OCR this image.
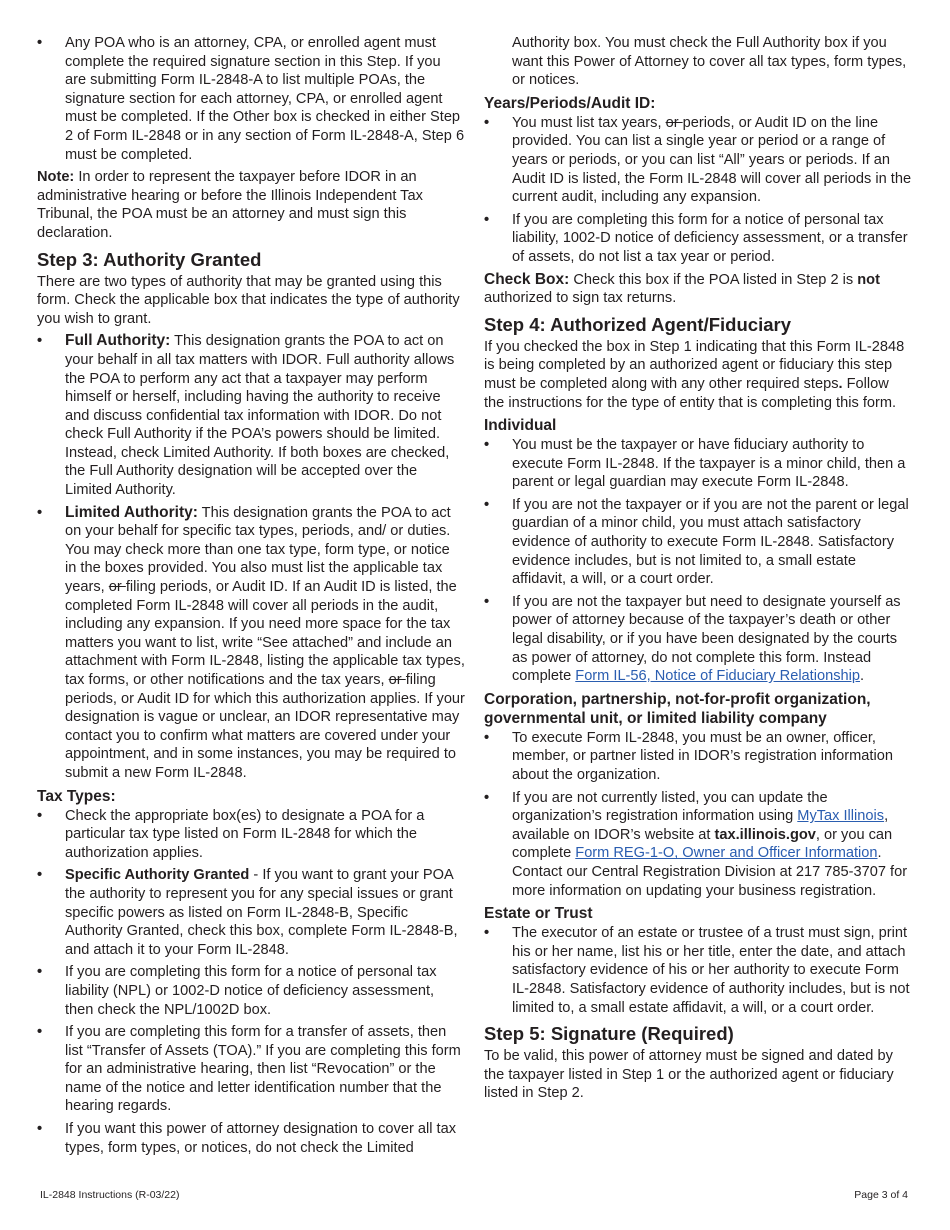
• Any POA who is an attorney, CPA, or enrolled agent must complete the required signature section in this Step. If you are submitting Form IL-2848-A to list multiple POAs, the signature section for each attorney, CPA, or enrolled agent must be completed. If the Other box is checked in either Step 2 of Form IL-2848 or in any section of Form IL-2848-A, Step 6 must be completed.

Note: In order to represent the taxpayer before IDOR in an administrative hearing or before the Illinois Independent Tax Tribunal, the POA must be an attorney and must sign this declaration.

Step 3: Authority Granted

There are two types of authority that may be granted using this form. Check the applicable box that indicates the type of authority you wish to grant.

• Full Authority: This designation grants the POA to act on your behalf in all tax matters with IDOR. Full authority allows the POA to perform any act that a taxpayer may perform himself or herself, including having the authority to receive and discuss confidential tax information with IDOR. Do not check Full Authority if the POA’s powers should be limited. Instead, check Limited Authority. If both boxes are checked, the Full Authority designation will be accepted over the Limited Authority.
• Limited Authority: This designation grants the POA to act on your behalf for specific tax types, periods, and/ or duties. You may check more than one tax type, form type, or notice in the boxes provided. You also must list the applicable tax years, or filing periods, or Audit ID. If an Audit ID is listed, the completed Form IL-2848 will cover all periods in the audit, including any expansion. If you need more space for the tax matters you want to list, write “See attached” and include an attachment with Form IL-2848, listing the applicable tax types, tax forms, or other notifications and the tax years, or filing periods, or Audit ID for which this authorization applies. If your designation is vague or unclear, an IDOR representative may contact you to confirm what matters are covered under your appointment, and in some instances, you may be required to submit a new Form IL-2848.
Tax Types:
• Check the appropriate box(es) to designate a POA for a particular tax type listed on Form IL-2848 for which the authorization applies.
• Specific Authority Granted - If you want to grant your POA the authority to represent you for any special issues or grant specific powers as listed on Form IL-2848-B, Specific Authority Granted, check this box, complete Form IL-2848-B, and attach it to your Form IL-2848.
• If you are completing this form for a notice of personal tax liability (NPL) or 1002-D notice of deficiency assessment, then check the NPL/1002D box.
• If you are completing this form for a transfer of assets, then list “Transfer of Assets (TOA).” If you are completing this form for an administrative hearing, then list “Revocation” or the name of the notice and letter identification number that the hearing regards.
• If you want this power of attorney designation to cover all tax types, form types, or notices, do not check the Limited
Authority box. You must check the Full Authority box if you want this Power of Attorney to cover all tax types, form types, or notices.
Years/Periods/Audit ID:
• You must list tax years, or periods, or Audit ID on the line provided. You can list a single year or period or a range of years or periods, or you can list “All” years or periods. If an Audit ID is listed, the Form IL-2848 will cover all periods in the current audit, including any expansion.
• If you are completing this form for a notice of personal tax liability, 1002-D notice of deficiency assessment, or a transfer of assets, do not list a tax year or period.

Check Box: Check this box if the POA listed in Step 2 is not authorized to sign tax returns.

Step 4: Authorized Agent/Fiduciary

If you checked the box in Step 1 indicating that this Form IL-2848 is being completed by an authorized agent or fiduciary this step must be completed along with any other required steps. Follow the instructions for the type of entity that is completing this form.

Individual
• You must be the taxpayer or have fiduciary authority to execute Form IL-2848. If the taxpayer is a minor child, then a parent or legal guardian may execute Form IL-2848.
• If you are not the taxpayer or if you are not the parent or legal guardian of a minor child, you must attach satisfactory evidence of authority to execute Form IL-2848. Satisfactory evidence includes, but is not limited to, a small estate affidavit, a will, or a court order.
• If you are not the taxpayer but need to designate yourself as power of attorney because of the taxpayer’s death or other legal disability, or if you have been designated by the courts as power of attorney, do not complete this form. Instead complete Form IL-56, Notice of Fiduciary Relationship.
Corporation, partnership, not-for-profit organization, governmental unit, or limited liability company
• To execute Form IL-2848, you must be an owner, officer, member, or partner listed in IDOR’s registration information about the organization.
• If you are not currently listed, you can update the organization’s registration information using MyTax Illinois, available on IDOR’s website at tax.illinois.gov, or you can complete Form REG-1-O, Owner and Officer Information. Contact our Central Registration Division at 217 785-3707 for more information on updating your business registration.
Estate or Trust
• The executor of an estate or trustee of a trust must sign, print his or her name, list his or her title, enter the date, and attach satisfactory evidence of his or her authority to execute Form IL-2848. Satisfactory evidence of authority includes, but is not limited to, a small estate affidavit, a will, or a court order.
Step 5: Signature (Required)

To be valid, this power of attorney must be signed and dated by the taxpayer listed in Step 1 or the authorized agent or fiduciary listed in Step 2.

IL-2848 Instructions (R-03/22)	Page 3 of 4
